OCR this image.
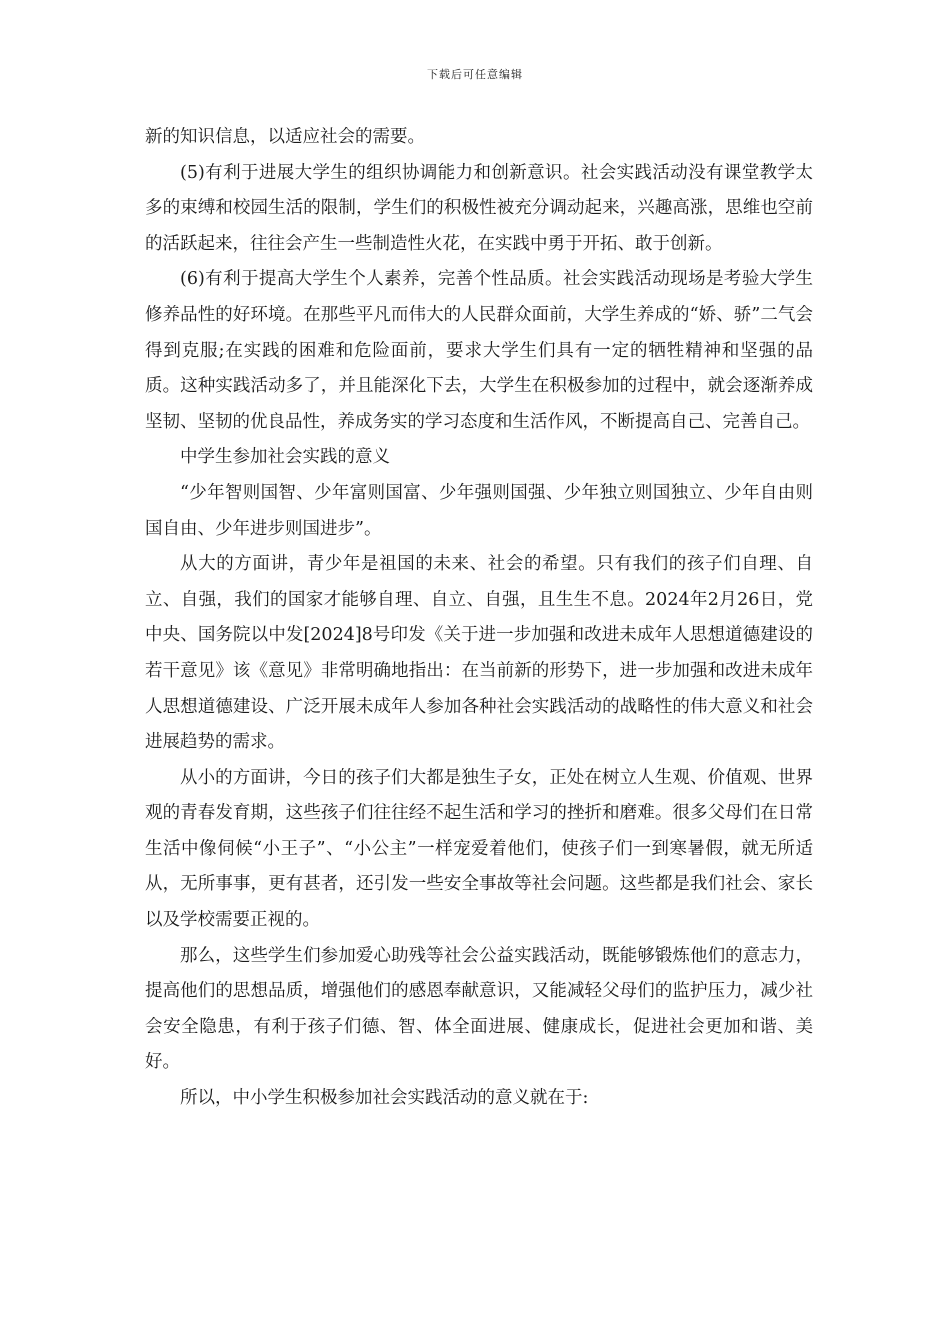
下载后可任意编辑

新的知识信息，以适应社会的需要。

(5)有利于进展大学生的组织协调能力和创新意识。社会实践活动没有课堂教学太多的束缚和校园生活的限制，学生们的积极性被充分调动起来，兴趣高涨，思维也空前的活跃起来，往往会产生一些制造性火花，在实践中勇于开拓、敢于创新。

(6)有利于提高大学生个人素养，完善个性品质。社会实践活动现场是考验大学生修养品性的好环境。在那些平凡而伟大的人民群众面前，大学生养成的“娇、骄”二气会得到克服;在实践的困难和危险面前，要求大学生们具有一定的牺牲精神和坚强的品质。这种实践活动多了，并且能深化下去，大学生在积极参加的过程中，就会逐渐养成坚韧、坚韧的优良品性，养成务实的学习态度和生活作风，不断提高自己、完善自己。

中学生参加社会实践的意义

“少年智则国智、少年富则国富、少年强则国强、少年独立则国独立、少年自由则国自由、少年进步则国进步”。

从大的方面讲，青少年是祖国的未来、社会的希望。只有我们的孩子们自理、自立、自强，我们的国家才能够自理、自立、自强，且生生不息。2024年2月26日，党中央、国务院以中发[2024]8号印发《关于进一步加强和改进未成年人思想道德建设的若干意见》该《意见》非常明确地指出：在当前新的形势下，进一步加强和改进未成年人思想道德建设、广泛开展未成年人参加各种社会实践活动的战略性的伟大意义和社会进展趋势的需求。

从小的方面讲，今日的孩子们大都是独生子女，正处在树立人生观、价值观、世界观的青春发育期，这些孩子们往往经不起生活和学习的挫折和磨难。很多父母们在日常生活中像伺候“小王子”、“小公主”一样宠爱着他们，使孩子们一到寒暑假，就无所适从，无所事事，更有甚者，还引发一些安全事故等社会问题。这些都是我们社会、家长以及学校需要正视的。

那么，这些学生们参加爱心助残等社会公益实践活动，既能够锻炼他们的意志力，提高他们的思想品质，增强他们的感恩奉献意识，又能减轻父母们的监护压力，减少社会安全隐患，有利于孩子们德、智、体全面进展、健康成长，促进社会更加和谐、美好。

所以，中小学生积极参加社会实践活动的意义就在于:
